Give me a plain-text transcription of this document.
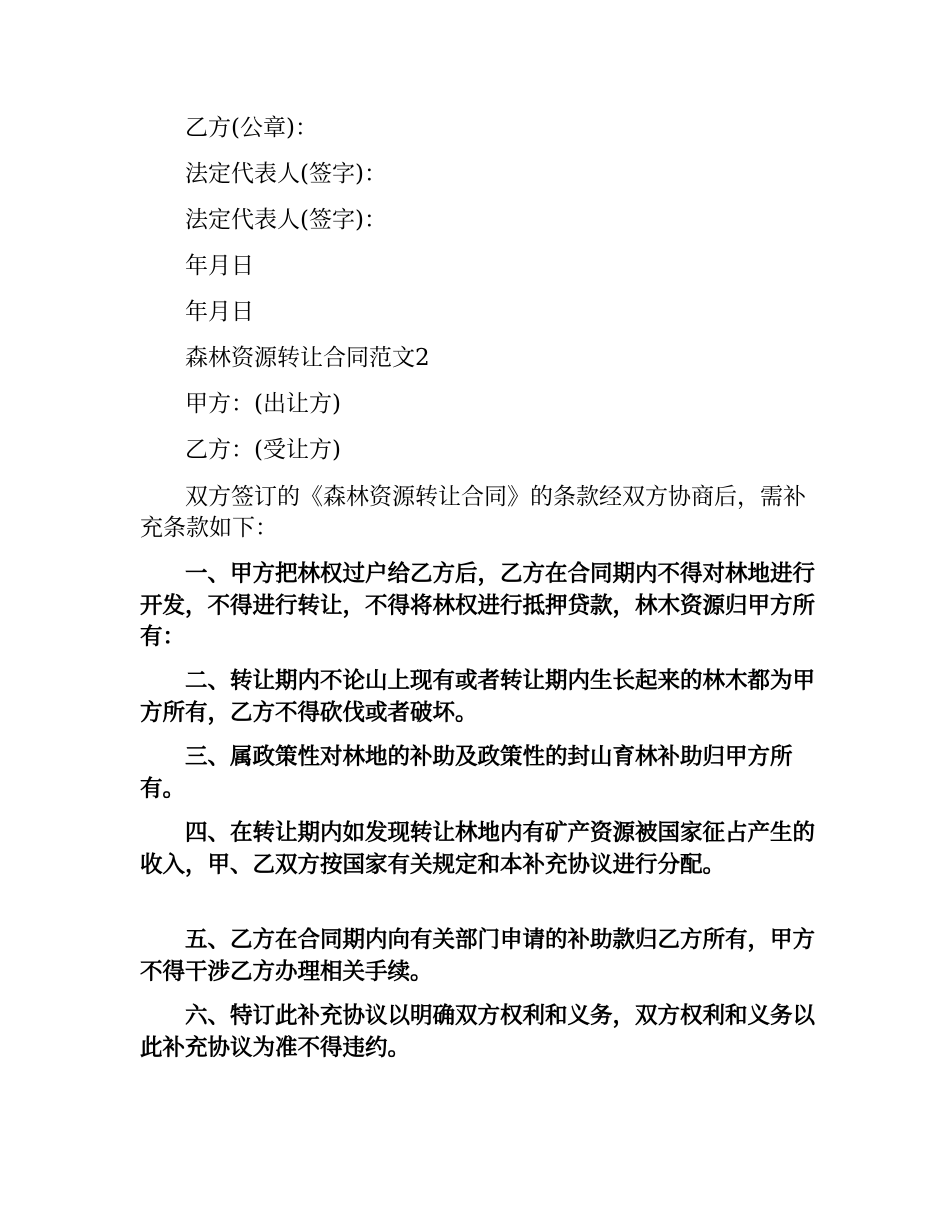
乙方(公章)：
法定代表人(签字)：
法定代表人(签字)：
年月日
年月日
森林资源转让合同范文2
甲方：(出让方)
乙方：(受让方)
双方签订的《森林资源转让合同》的条款经双方协商后，需补充条款如下：
一、甲方把林权过户给乙方后，乙方在合同期内不得对林地进行开发，不得进行转让，不得将林权进行抵押贷款，林木资源归甲方所有：
二、转让期内不论山上现有或者转让期内生长起来的林木都为甲方所有，乙方不得砍伐或者破坏。
三、属政策性对林地的补助及政策性的封山育林补助归甲方所有。
四、在转让期内如发现转让林地内有矿产资源被国家征占产生的收入，甲、乙双方按国家有关规定和本补充协议进行分配。
五、乙方在合同期内向有关部门申请的补助款归乙方所有，甲方不得干涉乙方办理相关手续。
六、特订此补充协议以明确双方权利和义务，双方权利和义务以此补充协议为准不得违约。
